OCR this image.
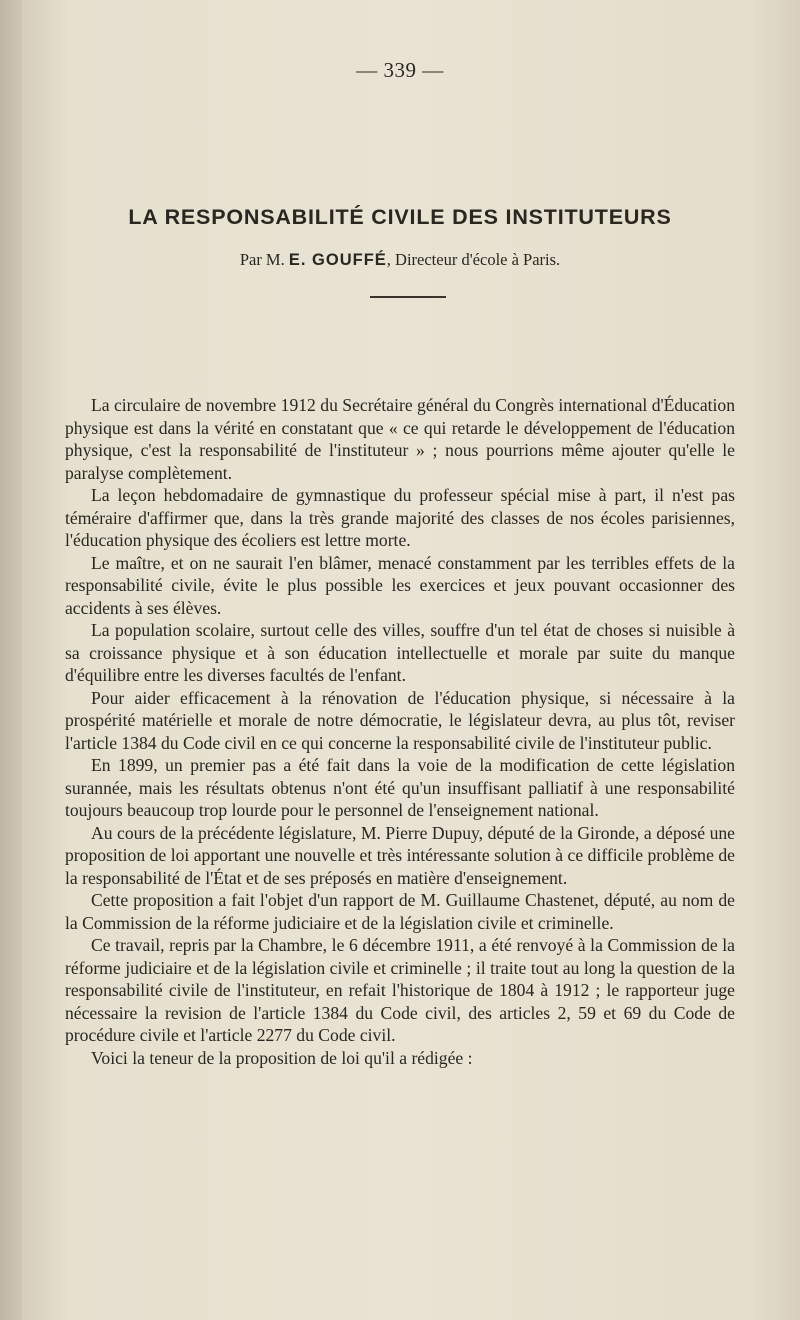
— 339 —
LA RESPONSABILITÉ CIVILE DES INSTITUTEURS
Par M. E. GOUFFÉ, Directeur d'école à Paris.

La circulaire de novembre 1912 du Secrétaire général du Congrès international d'Éducation physique est dans la vérité en constatant que « ce qui retarde le développement de l'éducation physique, c'est la responsabilité de l'instituteur » ; nous pourrions même ajouter qu'elle le paralyse complètement.

La leçon hebdomadaire de gymnastique du professeur spécial mise à part, il n'est pas téméraire d'affirmer que, dans la très grande majorité des classes de nos écoles parisiennes, l'éducation physique des écoliers est lettre morte.

Le maître, et on ne saurait l'en blâmer, menacé constamment par les terribles effets de la responsabilité civile, évite le plus possible les exercices et jeux pouvant occasionner des accidents à ses élèves.

La population scolaire, surtout celle des villes, souffre d'un tel état de choses si nuisible à sa croissance physique et à son éducation intellectuelle et morale par suite du manque d'équilibre entre les diverses facultés de l'enfant.

Pour aider efficacement à la rénovation de l'éducation physique, si nécessaire à la prospérité matérielle et morale de notre démocratie, le législateur devra, au plus tôt, reviser l'article 1384 du Code civil en ce qui concerne la responsabilité civile de l'instituteur public.

En 1899, un premier pas a été fait dans la voie de la modification de cette législation surannée, mais les résultats obtenus n'ont été qu'un insuffisant palliatif à une responsabilité toujours beaucoup trop lourde pour le personnel de l'enseignement national.

Au cours de la précédente législature, M. Pierre Dupuy, député de la Gironde, a déposé une proposition de loi apportant une nouvelle et très intéressante solution à ce difficile problème de la responsabilité de l'État et de ses préposés en matière d'enseignement.

Cette proposition a fait l'objet d'un rapport de M. Guillaume Chastenet, député, au nom de la Commission de la réforme judiciaire et de la législation civile et criminelle.

Ce travail, repris par la Chambre, le 6 décembre 1911, a été renvoyé à la Commission de la réforme judiciaire et de la législation civile et criminelle ; il traite tout au long la question de la responsabilité civile de l'instituteur, en refait l'historique de 1804 à 1912 ; le rapporteur juge nécessaire la revision de l'article 1384 du Code civil, des articles 2, 59 et 69 du Code de procédure civile et l'article 2277 du Code civil.

Voici la teneur de la proposition de loi qu'il a rédigée :
